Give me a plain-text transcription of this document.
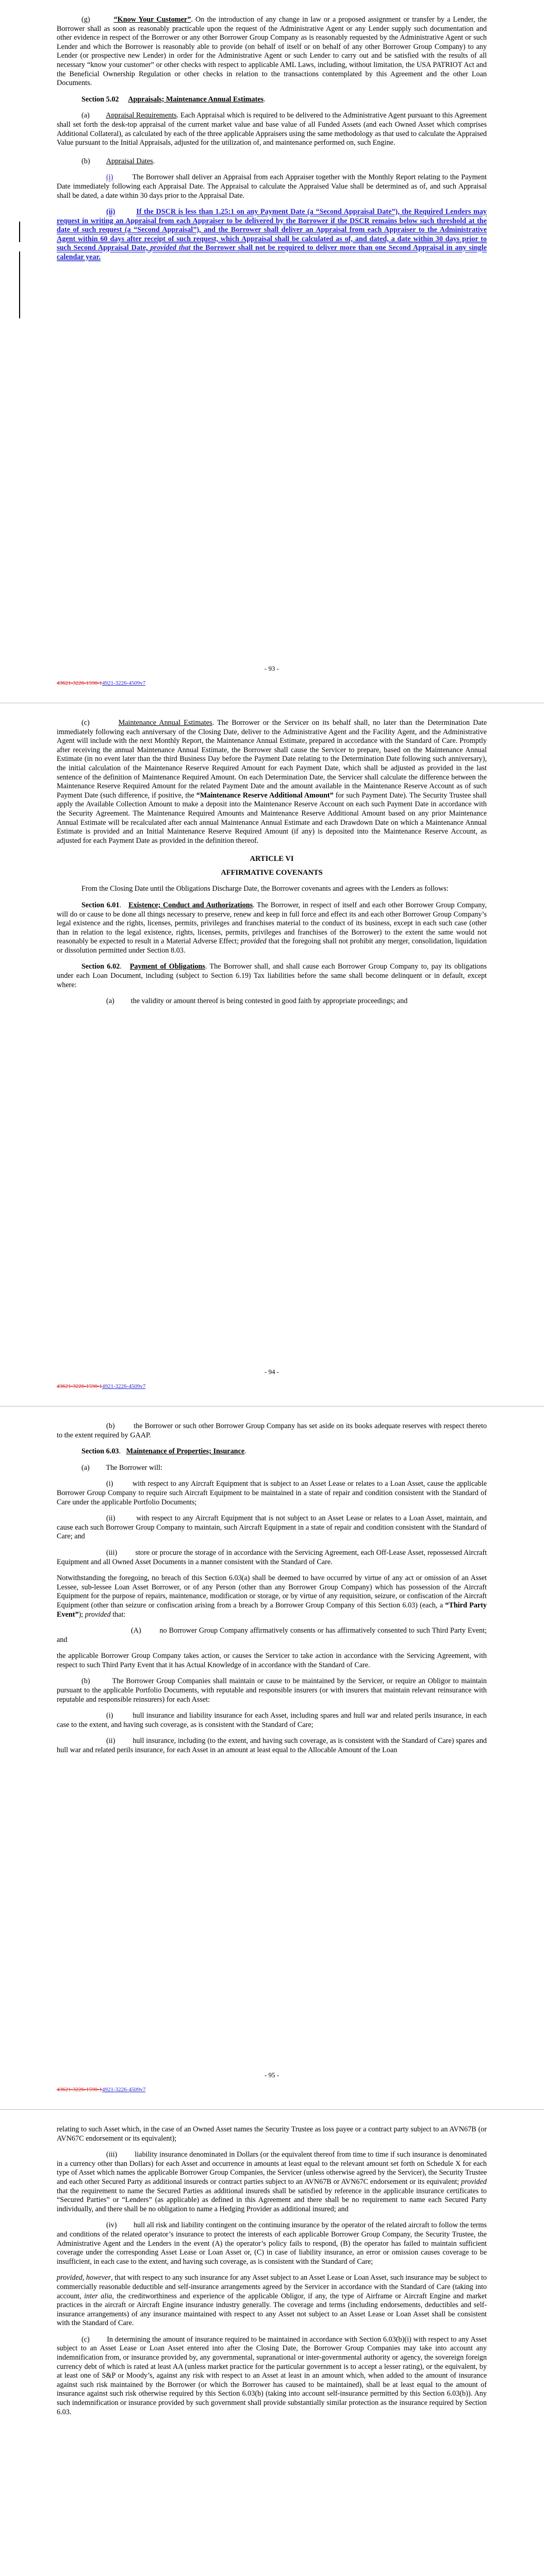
(g)	“Know Your Customer”. On the introduction of any change in law or a proposed assignment or transfer by a Lender, the Borrower shall as soon as reasonably practicable upon the request of the Administrative Agent or any Lender supply such documentation and other evidence in respect of the Borrower or any other Borrower Group Company as is reasonably requested by the Administrative Agent or such Lender and which the Borrower is reasonably able to provide (on behalf of itself or on behalf of any other Borrower Group Company) to any Lender (or prospective new Lender) in order for the Administrative Agent or such Lender to carry out and be satisfied with the results of all necessary “know your customer” or other checks with respect to applicable AML Laws, including, without limitation, the USA PATRIOT Act and the Beneficial Ownership Regulation or other checks in relation to the transactions contemplated by this Agreement and the other Loan Documents.

Section 5.02 Appraisals; Maintenance Annual Estimates.

(a) Appraisal Requirements. Each Appraisal which is required to be delivered to the Administrative Agent pursuant to this Agreement shall set forth the desk-top appraisal of the current market value and base value of all Funded Assets (and each Owned Asset which comprises Additional Collateral), as calculated by each of the three applicable Appraisers using the same methodology as that used to calculate the Appraised Value pursuant to the Initial Appraisals, adjusted for the utilization of, and maintenance performed on, such Engine.

(b) Appraisal Dates.

(i)	The Borrower shall deliver an Appraisal from each Appraiser together with the Monthly Report relating to the Payment Date immediately following each Appraisal Date. The Appraisal to calculate the Appraised Value shall be determined as of, and such Appraisal shall be dated, a date within 30 days prior to the Appraisal Date.

(ii)	If the DSCR is less than 1.25:1 on any Payment Date (a “Second Appraisal Date”), the Required Lenders may request in writing an Appraisal from each Appraiser to be delivered by the Borrower if the DSCR remains below such threshold at the date of such request (a “Second Appraisal”), and the Borrower shall deliver an Appraisal from each Appraiser to the Administrative Agent within 60 days after receipt of such request, which Appraisal shall be calculated as of, and dated, a date within 30 days prior to such Second Appraisal Date, provided that the Borrower shall not be required to deliver more than one Second Appraisal in any single calendar year.

43621-3226-1590-14921-3226-4509v7
- 93 -

(c)	Maintenance Annual Estimates. The Borrower or the Servicer on its behalf shall, no later than the Determination Date immediately following each anniversary of the Closing Date, deliver to the Administrative Agent and the Facility Agent, and the Administrative Agent will include with the next Monthly Report, the Maintenance Annual Estimate, prepared in accordance with the Standard of Care. Promptly after receiving the annual Maintenance Annual Estimate, the Borrower shall cause the Servicer to prepare, based on the Maintenance Annual Estimate (in no event later than the third Business Day before the Payment Date relating to the Determination Date following such anniversary), the initial calculation of the Maintenance Reserve Required Amount for each Payment Date, which shall be adjusted as provided in the last sentence of the definition of Maintenance Required Amount. On each Determination Date, the Servicer shall calculate the difference between the Maintenance Reserve Required Amount for the related Payment Date and the amount available in the Maintenance Reserve Account as of such Payment Date (such difference, if positive, the “Maintenance Reserve Additional Amount” for such Payment Date). The Security Trustee shall apply the Available Collection Amount to make a deposit into the Maintenance Reserve Account on each such Payment Date in accordance with the Security Agreement. The Maintenance Required Amounts and Maintenance Reserve Additional Amount based on any prior Maintenance Annual Estimate will be recalculated after each annual Maintenance Annual Estimate and each Drawdown Date on which a Maintenance Annual Estimate is provided and an Initial Maintenance Reserve Required Amount (if any) is deposited into the Maintenance Reserve Account, as adjusted for each Payment Date as provided in the definition thereof.

ARTICLE VI
AFFIRMATIVE COVENANTS

From the Closing Date until the Obligations Discharge Date, the Borrower covenants and agrees with the Lenders as follows:

Section 6.01.   Existence; Conduct and Authorizations. The Borrower, in respect of itself and each other Borrower Group Company, will do or cause to be done all things necessary to preserve, renew and keep in full force and effect its and each other Borrower Group Company’s legal existence and the rights, licenses, permits, privileges and franchises material to the conduct of its business, except in each such case (other than in relation to the legal existence, rights, licenses, permits, privileges and franchises of the Borrower) to the extent the same would not reasonably be expected to result in a Material Adverse Effect; provided that the foregoing shall not prohibit any merger, consolidation, liquidation or dissolution permitted under Section 8.03.

Section 6.02.   Payment of Obligations. The Borrower shall, and shall cause each Borrower Group Company to, pay its obligations under each Loan Document, including (subject to Section 6.19) Tax liabilities before the same shall become delinquent or in default, except where:

(a) the validity or amount thereof is being contested in good faith by appropriate proceedings; and

43621-3226-1590-14921-3226-4509v7
- 94 -

(b)	the Borrower or such other Borrower Group Company has set aside on its books adequate reserves with respect thereto to the extent required by GAAP.

Section 6.03.   Maintenance of Properties; Insurance.

(a) The Borrower will:

(i)	with respect to any Aircraft Equipment that is subject to an Asset Lease or relates to a Loan Asset, cause the applicable Borrower Group Company to require such Aircraft Equipment to be maintained in a state of repair and condition consistent with the Standard of Care under the applicable Portfolio Documents;

(ii)	with respect to any Aircraft Equipment that is not subject to an Asset Lease or relates to a Loan Asset, maintain, and cause each such Borrower Group Company to maintain, such Aircraft Equipment in a state of repair and condition consistent with the Standard of Care; and

(iii) store or procure the storage of in accordance with the Servicing Agreement, each Off-Lease Asset, repossessed Aircraft Equipment and all Owned Asset Documents in a manner consistent with the Standard of Care.

Notwithstanding the foregoing, no breach of this Section 6.03(a) shall be deemed to have occurred by virtue of any act or omission of an Asset Lessee, sub-lessee Loan Asset Borrower, or of any Person (other than any Borrower Group Company) which has possession of the Aircraft Equipment for the purpose of repairs, maintenance, modification or storage, or by virtue of any requisition, seizure, or confiscation of the Aircraft Equipment (other than seizure or confiscation arising from a breach by a Borrower Group Company of this Section 6.03) (each, a “Third Party Event”); provided that:

(A)	no Borrower Group Company affirmatively consents or has affirmatively consented to such Third Party Event; and

the applicable Borrower Group Company takes action, or causes the Servicer to take action in accordance with the Servicing Agreement, with respect to such Third Party Event that it has Actual Knowledge of in accordance with the Standard of Care.

(b)	The Borrower Group Companies shall maintain or cause to be maintained by the Servicer, or require an Obligor to maintain pursuant to the applicable Portfolio Documents, with reputable and responsible insurers (or with insurers that maintain relevant reinsurance with reputable and responsible reinsurers) for each Asset:

(i)	hull insurance and liability insurance for each Asset, including spares and hull war and related perils insurance, in each case to the extent, and having such coverage, as is consistent with the Standard of Care;

(ii) hull insurance, including (to the extent, and having such coverage, as is consistent with the Standard of Care) spares and hull war and related perils insurance, for each Asset in an amount at least equal to the Allocable Amount of the Loan

43621-3226-1590-14921-3226-4509v7
- 95 -

relating to such Asset which, in the case of an Owned Asset names the Security Trustee as loss payee or a contract party subject to an AVN67B (or AVN67C endorsement or its equivalent);

(iii) liability insurance denominated in Dollars (or the equivalent thereof from time to time if such insurance is denominated in a currency other than Dollars) for each Asset and occurrence in amounts at least equal to the relevant amount set forth on Schedule X for each type of Asset which names the applicable Borrower Group Companies, the Servicer (unless otherwise agreed by the Servicer), the Security Trustee and each other Secured Party as additional insureds or contract parties subject to an AVN67B or AVN67C endorsement or its equivalent; provided that the requirement to name the Secured Parties as additional insureds shall be satisfied by reference in the applicable insurance certificates to “Secured Parties” or “Lenders” (as applicable) as defined in this Agreement and there shall be no requirement to name each Secured Party individually, and there shall be no obligation to name a Hedging Provider as additional insured; and

(iv) hull all risk and liability contingent on the continuing insurance by the operator of the related aircraft to follow the terms and conditions of the related operator’s insurance to protect the interests of each applicable Borrower Group Company, the Security Trustee, the Administrative Agent and the Lenders in the event (A) the operator’s policy fails to respond, (B) the operator has failed to maintain sufficient coverage under the corresponding Asset Lease or Loan Asset or, (C) in case of liability insurance, an error or omission causes coverage to be insufficient, in each case to the extent, and having such coverage, as is consistent with the Standard of Care;

provided, however, that with respect to any such insurance for any Asset subject to an Asset Lease or Loan Asset, such insurance may be subject to commercially reasonable deductible and self-insurance arrangements agreed by the Servicer in accordance with the Standard of Care (taking into account, inter alia, the creditworthiness and experience of the applicable Obligor, if any, the type of Airframe or Aircraft Engine and market practices in the aircraft or Aircraft Engine insurance industry generally. The coverage and terms (including endorsements, deductibles and self-insurance arrangements) of any insurance maintained with respect to any Asset not subject to an Asset Lease or Loan Asset shall be consistent with the Standard of Care.

(c) In determining the amount of insurance required to be maintained in accordance with Section 6.03(b)(i) with respect to any Asset subject to an Asset Lease or Loan Asset entered into after the Closing Date, the Borrower Group Companies may take into account any indemnification from, or insurance provided by, any governmental, supranational or inter-governmental authority or agency, the sovereign foreign currency debt of which is rated at least AA (unless market practice for the particular government is to accept a lesser rating), or the equivalent, by at least one of S&P or Moody’s, against any risk with respect to an Asset at least in an amount which, when added to the amount of insurance against such risk maintained by the Borrower (or which the Borrower has caused to be maintained), shall be at least equal to the amount of insurance against such risk otherwise required by this Section 6.03(b) (taking into account self-insurance permitted by this Section 6.03(b)). Any such indemnification or insurance provided by such government shall provide substantially similar protection as the insurance required by Section 6.03.
